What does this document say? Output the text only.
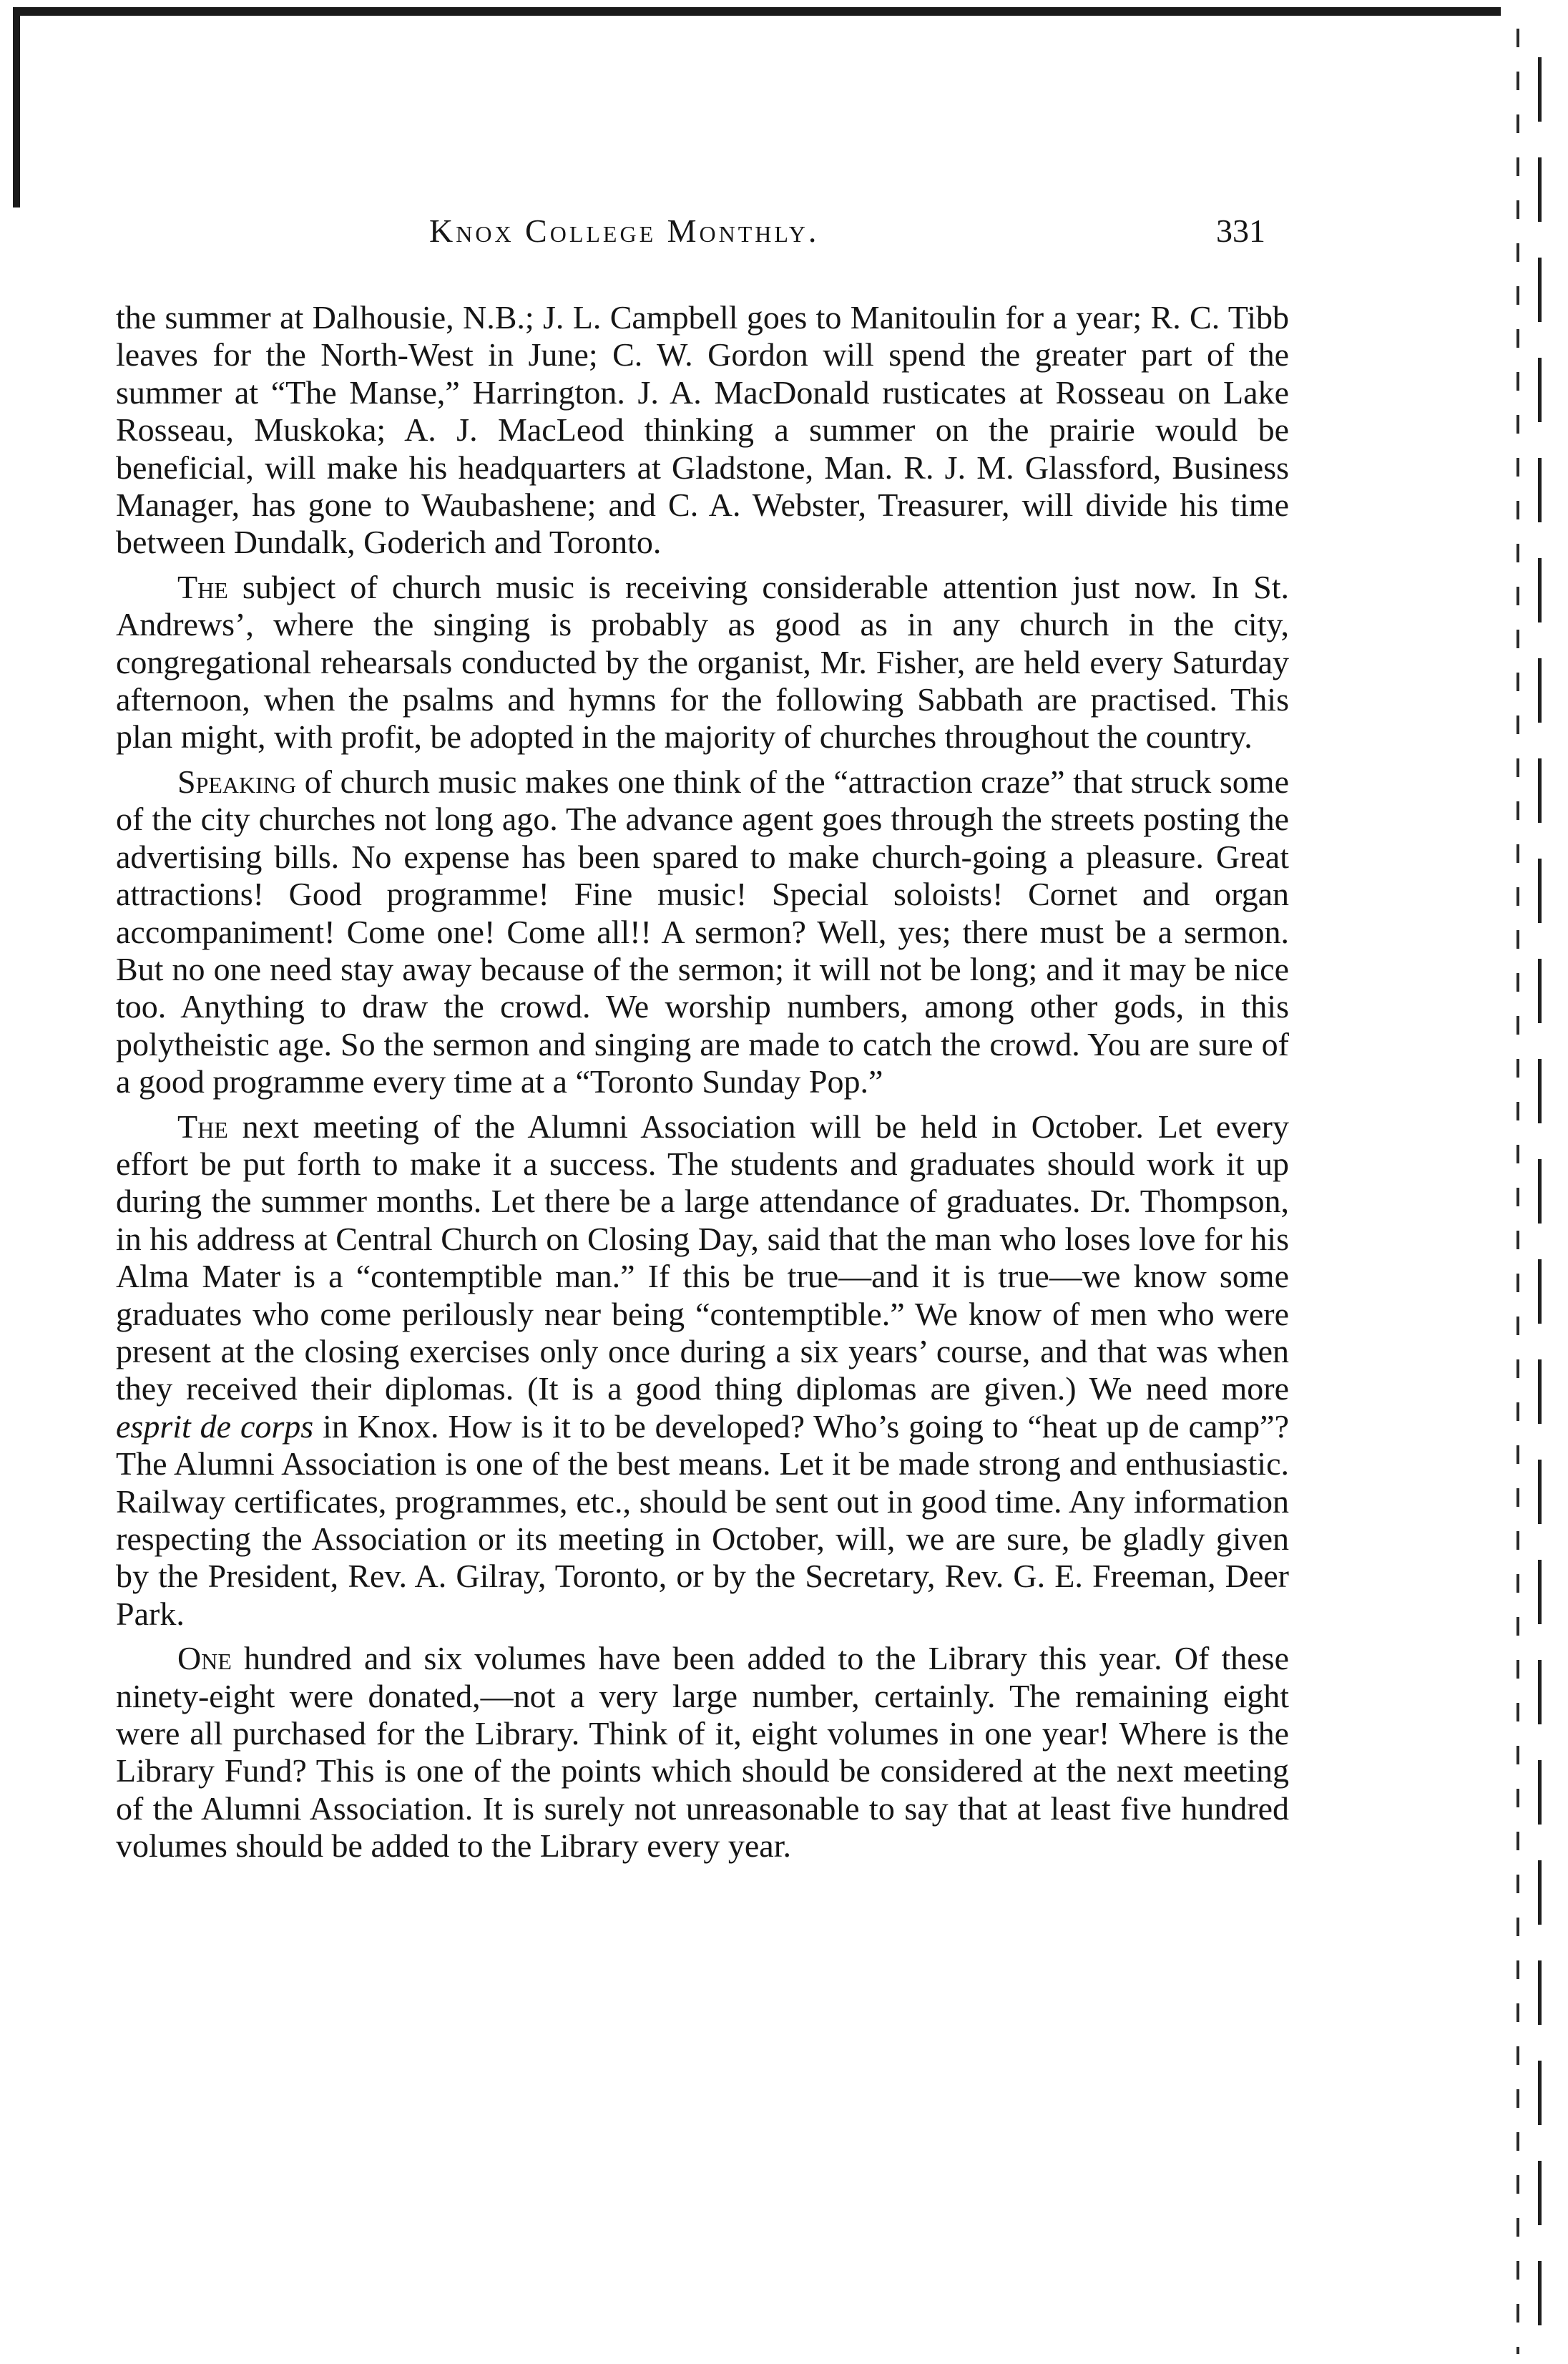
Knox College Monthly.	331

the summer at Dalhousie, N.B.; J. L. Campbell goes to Manitoulin for a year; R. C. Tibb leaves for the North-West in June; C. W. Gordon will spend the greater part of the summer at “The Manse,” Harrington. J. A. MacDonald rusticates at Rosseau on Lake Rosseau, Muskoka; A. J. MacLeod thinking a summer on the prairie would be beneficial, will make his headquarters at Gladstone, Man. R. J. M. Glassford, Business Manager, has gone to Waubashene; and C. A. Webster, Treasurer, will divide his time between Dundalk, Goderich and Toronto.

The subject of church music is receiving considerable attention just now. In St. Andrews’, where the singing is probably as good as in any church in the city, congregational rehearsals conducted by the organist, Mr. Fisher, are held every Saturday afternoon, when the psalms and hymns for the following Sabbath are practised. This plan might, with profit, be adopted in the majority of churches throughout the country.

Speaking of church music makes one think of the “attraction craze” that struck some of the city churches not long ago. The advance agent goes through the streets posting the advertising bills. No expense has been spared to make church-going a pleasure. Great attractions! Good programme! Fine music! Special soloists! Cornet and organ accompaniment! Come one! Come all!! A sermon? Well, yes; there must be a sermon. But no one need stay away because of the sermon; it will not be long; and it may be nice too. Anything to draw the crowd. We worship numbers, among other gods, in this polytheistic age. So the sermon and singing are made to catch the crowd. You are sure of a good programme every time at a “Toronto Sunday Pop.”

The next meeting of the Alumni Association will be held in October. Let every effort be put forth to make it a success. The students and graduates should work it up during the summer months. Let there be a large attendance of graduates. Dr. Thompson, in his address at Central Church on Closing Day, said that the man who loses love for his Alma Mater is a “contemptible man.” If this be true—and it is true—we know some graduates who come perilously near being “contemptible.” We know of men who were present at the closing exercises only once during a six years’ course, and that was when they received their diplomas. (It is a good thing diplomas are given.) We need more esprit de corps in Knox. How is it to be developed? Who’s going to “heat up de camp”? The Alumni Association is one of the best means. Let it be made strong and enthusiastic. Railway certificates, programmes, etc., should be sent out in good time. Any information respecting the Association or its meeting in October, will, we are sure, be gladly given by the President, Rev. A. Gilray, Toronto, or by the Secretary, Rev. G. E. Freeman, Deer Park.

One hundred and six volumes have been added to the Library this year. Of these ninety-eight were donated,—not a very large number, certainly. The remaining eight were all purchased for the Library. Think of it, eight volumes in one year! Where is the Library Fund? This is one of the points which should be considered at the next meeting of the Alumni Association. It is surely not unreasonable to say that at least five hundred volumes should be added to the Library every year.
